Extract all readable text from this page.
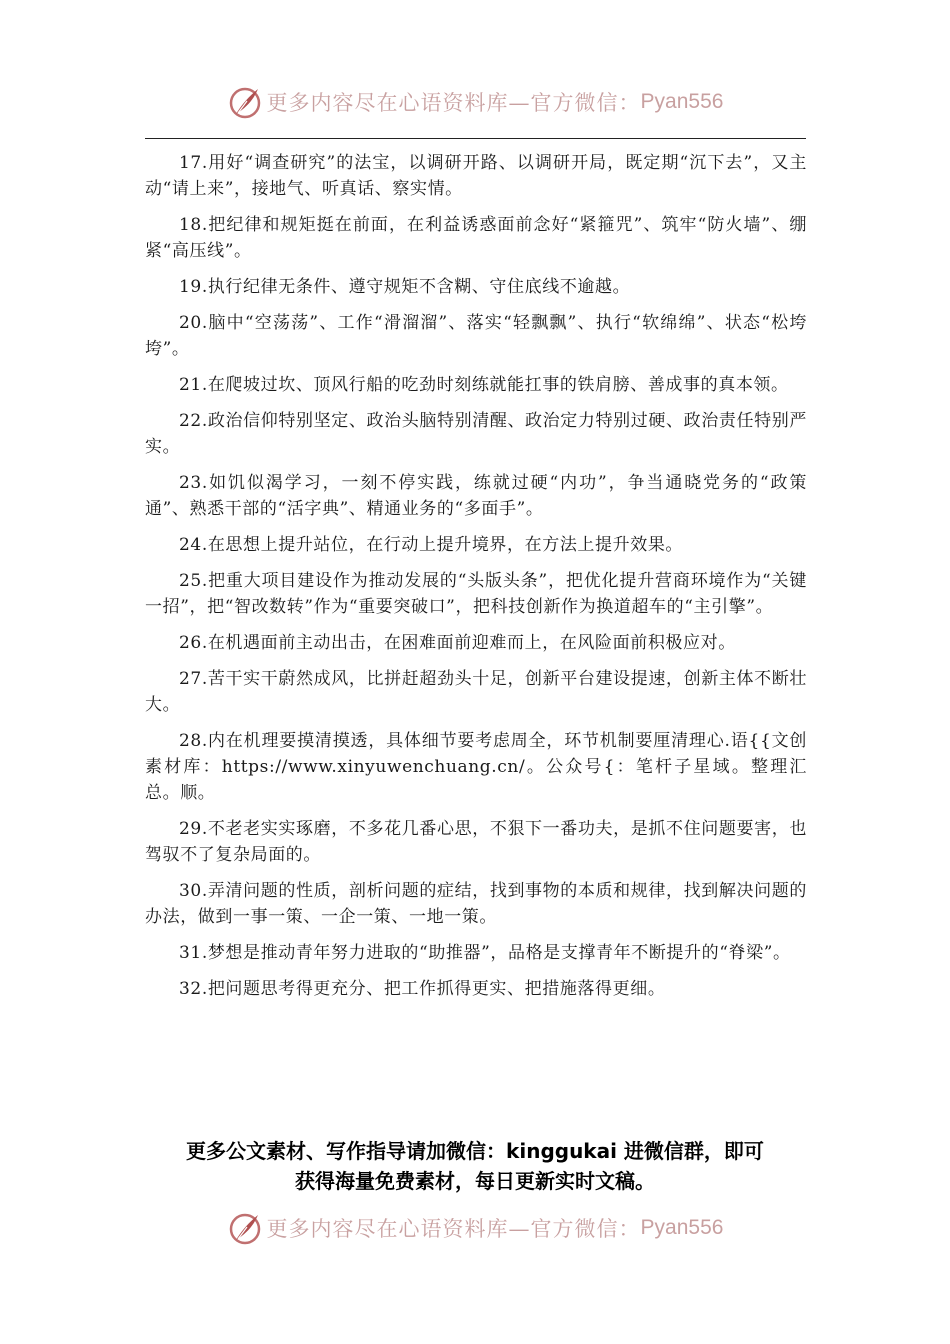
更多内容尽在心语资料库—官方微信： Pyan556

17.用好“调查研究”的法宝，以调研开路、以调研开局，既定期“沉下去”，又主动“请上来”，接地气、听真话、察实情。

18.把纪律和规矩挺在前面，在利益诱惑面前念好“紧箍咒”、筑牢“防火墙”、绷紧“高压线”。

19.执行纪律无条件、遵守规矩不含糊、守住底线不逾越。

20.脑中“空荡荡”、工作“滑溜溜”、落实“轻飘飘”、执行“软绵绵”、状态“松垮垮”。

21.在爬坡过坎、顶风行船的吃劲时刻练就能扛事的铁肩膀、善成事的真本领。

22.政治信仰特别坚定、政治头脑特别清醒、政治定力特别过硬、政治责任特别严实。

23.如饥似渴学习，一刻不停实践，练就过硬“内功”，争当通晓党务的“政策通”、熟悉干部的“活字典”、精通业务的“多面手”。

24.在思想上提升站位，在行动上提升境界，在方法上提升效果。

25.把重大项目建设作为推动发展的“头版头条”，把优化提升营商环境作为“关键一招”，把“智改数转”作为“重要突破口”，把科技创新作为换道超车的“主引擎”。

26.在机遇面前主动出击，在困难面前迎难而上，在风险面前积极应对。

27.苦干实干蔚然成风，比拼赶超劲头十足，创新平台建设提速，创新主体不断壮大。

28.内在机理要摸清摸透，具体细节要考虑周全，环节机制要厘清理心.语{{文创素材库：https://www.xinyuwenchuang.cn/。公众号{：笔杆子星域。整理汇总。顺。

29.不老老实实琢磨，不多花几番心思，不狠下一番功夫，是抓不住问题要害，也驾驭不了复杂局面的。

30.弄清问题的性质，剖析问题的症结，找到事物的本质和规律，找到解决问题的办法，做到一事一策、一企一策、一地一策。

31.梦想是推动青年努力进取的“助推器”，品格是支撑青年不断提升的“脊梁”。

32.把问题思考得更充分、把工作抓得更实、把措施落得更细。

更多公文素材、写作指导请加微信：kinggukai 进微信群，即可
获得海量免费素材，每日更新实时文稿。
更多内容尽在心语资料库—官方微信： Pyan556
